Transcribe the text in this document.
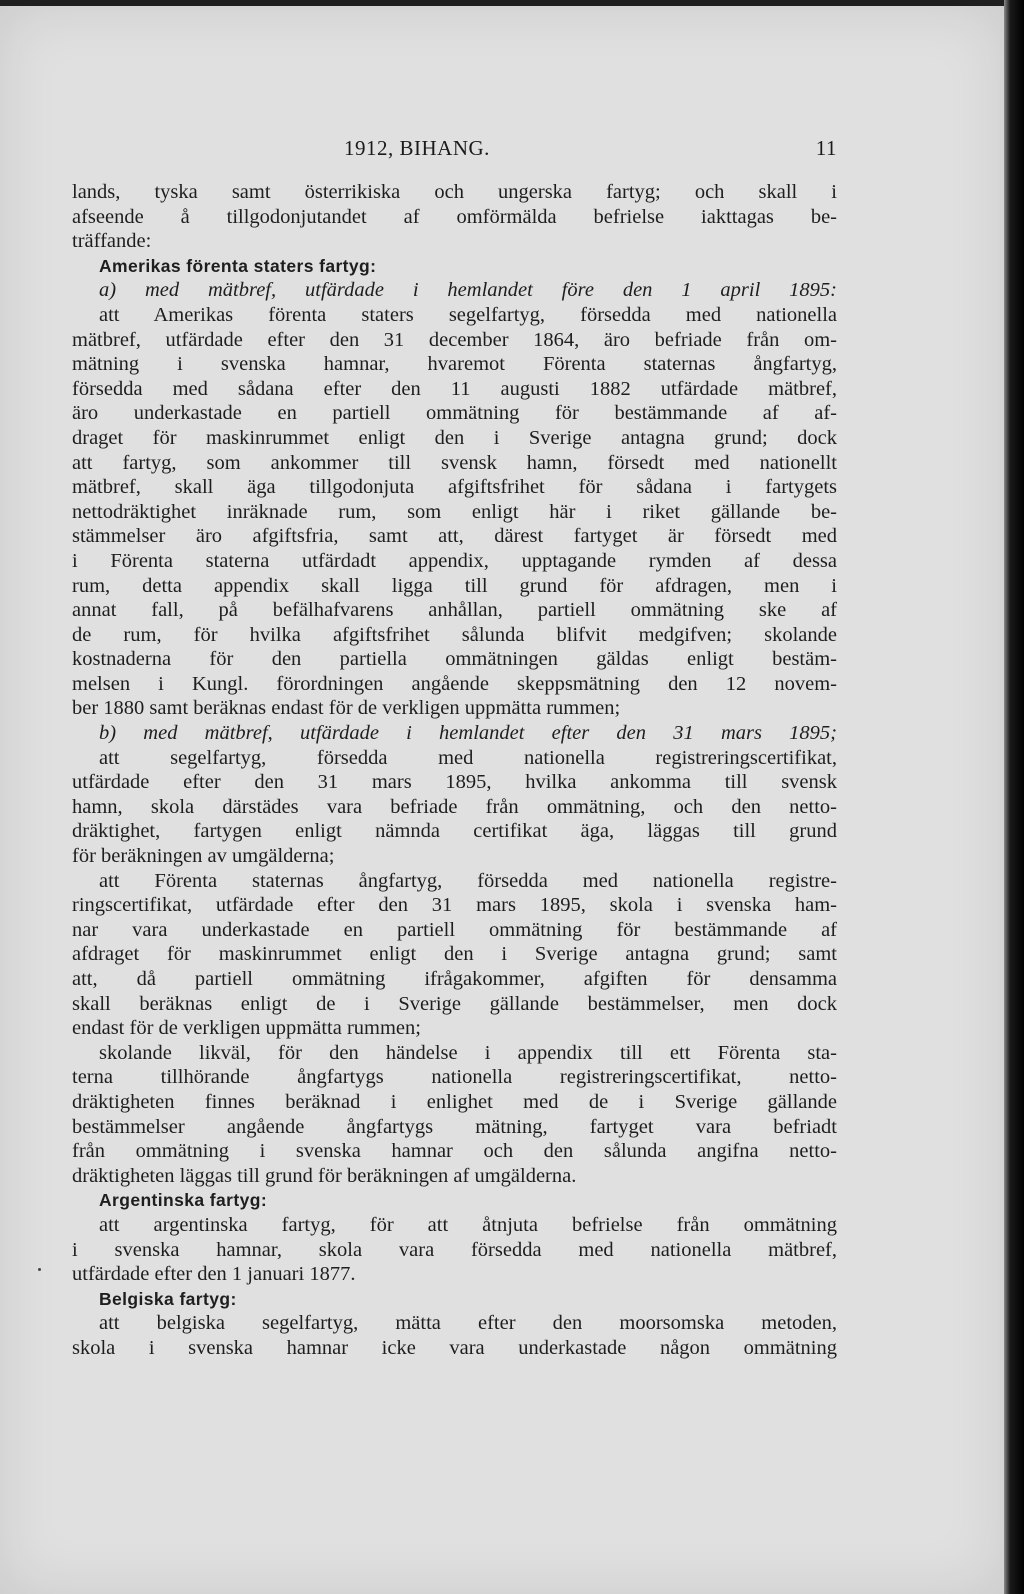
1912, BIHANG.	11
lands, tyska samt österrikiska och ungerska fartyg; och skall i
afseende å tillgodonjutandet af omförmälda befrielse iakttagas be-
träffande:
Amerikas förenta staters fartyg:
a) med mätbref, utfärdade i hemlandet före den 1 april 1895:
att Amerikas förenta staters segelfartyg, försedda med nationella
mätbref, utfärdade efter den 31 december 1864, äro befriade från om-
mätning i svenska hamnar, hvaremot Förenta staternas ångfartyg,
försedda med sådana efter den 11 augusti 1882 utfärdade mätbref,
äro underkastade en partiell ommätning för bestämmande af af-
draget för maskinrummet enligt den i Sverige antagna grund; dock
att fartyg, som ankommer till svensk hamn, försedt med nationellt
mätbref, skall äga tillgodonjuta afgiftsfrihet för sådana i fartygets
nettodräktighet inräknade rum, som enligt här i riket gällande be-
stämmelser äro afgiftsfria, samt att, därest fartyget är försedt med
i Förenta staterna utfärdadt appendix, upptagande rymden af dessa
rum, detta appendix skall ligga till grund för afdragen, men i
annat fall, på befälhafvarens anhållan, partiell ommätning ske af
de rum, för hvilka afgiftsfrihet sålunda blifvit medgifven; skolande
kostnaderna för den partiella ommätningen gäldas enligt bestäm-
melsen i Kungl. förordningen angående skeppsmätning den 12 novem-
ber 1880 samt beräknas endast för de verkligen uppmätta rummen;
b) med mätbref, utfärdade i hemlandet efter den 31 mars 1895;
att segelfartyg, försedda med nationella registreringscertifikat,
utfärdade efter den 31 mars 1895, hvilka ankomma till svensk
hamn, skola därstädes vara befriade från ommätning, och den netto-
dräktighet, fartygen enligt nämnda certifikat äga, läggas till grund
för beräkningen av umgälderna;
att Förenta staternas ångfartyg, försedda med nationella registre-
ringscertifikat, utfärdade efter den 31 mars 1895, skola i svenska ham-
nar vara underkastade en partiell ommätning för bestämmande af
afdraget för maskinrummet enligt den i Sverige antagna grund; samt
att, då partiell ommätning ifrågakommer, afgiften för densamma
skall beräknas enligt de i Sverige gällande bestämmelser, men dock
endast för de verkligen uppmätta rummen;
skolande likväl, för den händelse i appendix till ett Förenta sta-
terna tillhörande ångfartygs nationella registreringscertifikat, netto-
dräktigheten finnes beräknad i enlighet med de i Sverige gällande
bestämmelser angående ångfartygs mätning, fartyget vara befriadt
från ommätning i svenska hamnar och den sålunda angifna netto-
dräktigheten läggas till grund för beräkningen af umgälderna.
Argentinska fartyg:
att argentinska fartyg, för att åtnjuta befrielse från ommätning
i svenska hamnar, skola vara försedda med nationella mätbref,
utfärdade efter den 1 januari 1877.
Belgiska fartyg:
att belgiska segelfartyg, mätta efter den moorsomska metoden,
skola i svenska hamnar icke vara underkastade någon ommätning
